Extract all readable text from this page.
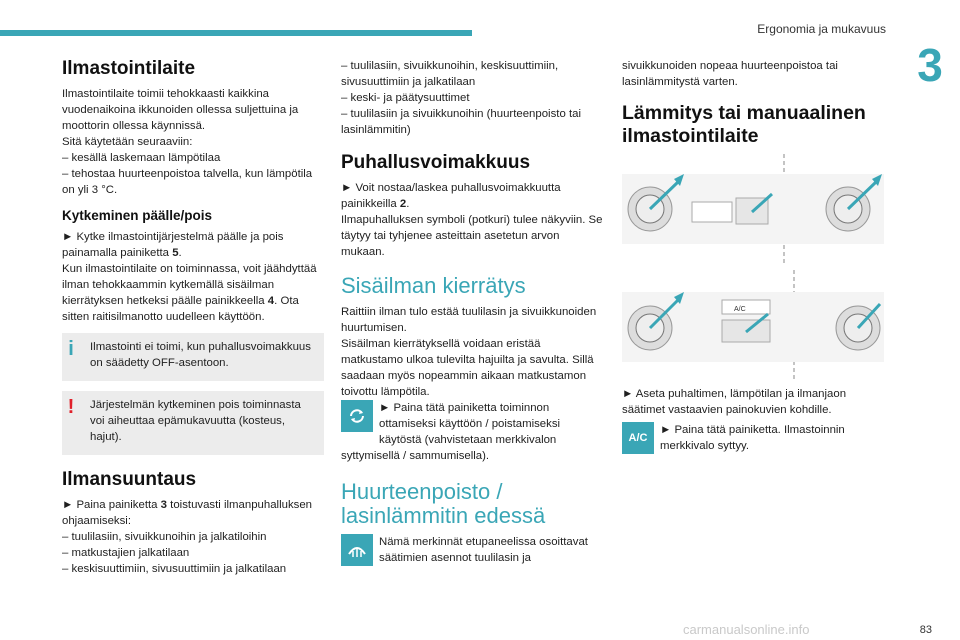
Ergonomia ja mukavuus
3
Ilmastointilaite

Ilmastointilaite toimii tehokkaasti kaikkina vuodenaikoina ikkunoiden ollessa suljettuina ja moottorin ollessa käynnissä.

Sitä käytetään seuraaviin:

– kesällä laskemaan lämpötilaa

– tehostaa huurteenpoistoa talvella, kun lämpötila on yli 3 °C.

Kytkeminen päälle/pois

► Kytke ilmastointijärjestelmä päälle ja pois painamalla painiketta 5.

Kun ilmastointilaite on toiminnassa, voit jäähdyttää ilman tehokkaammin kytkemällä sisäilman kierrätyksen hetkeksi päälle painikkeella 4. Ota sitten raitisilmanotto uudelleen käyttöön.

i Ilmastointi ei toimi, kun puhallusvoimakkuus on säädetty OFF-asentoon.

! Järjestelmän kytkeminen pois toiminnasta voi aiheuttaa epämukavuutta (kosteus, hajut).

Ilmansuuntaus

► Paina painiketta 3 toistuvasti ilmanpuhalluksen ohjaamiseksi:

– tuulilasiin, sivuikkunoihin ja jalkatiloihin

– matkustajien jalkatilaan

– keskisuuttimiin, sivusuuttimiin ja jalkatilaan

– tuulilasiin, sivuikkunoihin, keskisuuttimiin, sivusuuttimiin ja jalkatilaan

– keski- ja päätysuuttimet

– tuulilasiin ja sivuikkunoihin (huurteenpoisto tai lasinlämmitin)

Puhallusvoimakkuus

► Voit nostaa/laskea puhallusvoimakkuutta painikkeilla 2.

Ilmapuhalluksen symboli (potkuri) tulee näkyviin. Se täytyy tai tyhjenee asteittain asetetun arvon mukaan.

Sisäilman kierrätys

Raittiin ilman tulo estää tuulilasin ja sivuikkunoiden huurtumisen.

Sisäilman kierrätyksellä voidaan eristää matkustamo ulkoa tulevilta hajuilta ja savulta. Sillä saadaan myös nopeammin aikaan matkustamon toivottu lämpötila.

► Paina tätä painiketta toiminnon ottamiseksi käyttöön / poistamiseksi käytöstä (vahvistetaan merkkivalon syttymisellä / sammumisella).

Huurteenpoisto / lasinlämmitin edessä

Nämä merkinnät etupaneelissa osoittavat säätimien asennot tuulilasin ja

sivuikkunoiden nopeaa huurteenpoistoa tai lasinlämmitystä varten.

Lämmitys tai manuaalinen ilmastointilaite
A/C

► Aseta puhaltimen, lämpötilan ja ilmanjaon säätimet vastaavien painokuvien kohdille.

A/C

► Paina tätä painiketta. Ilmastoinnin merkkivalo syttyy.

carmanualsonline.info	83
